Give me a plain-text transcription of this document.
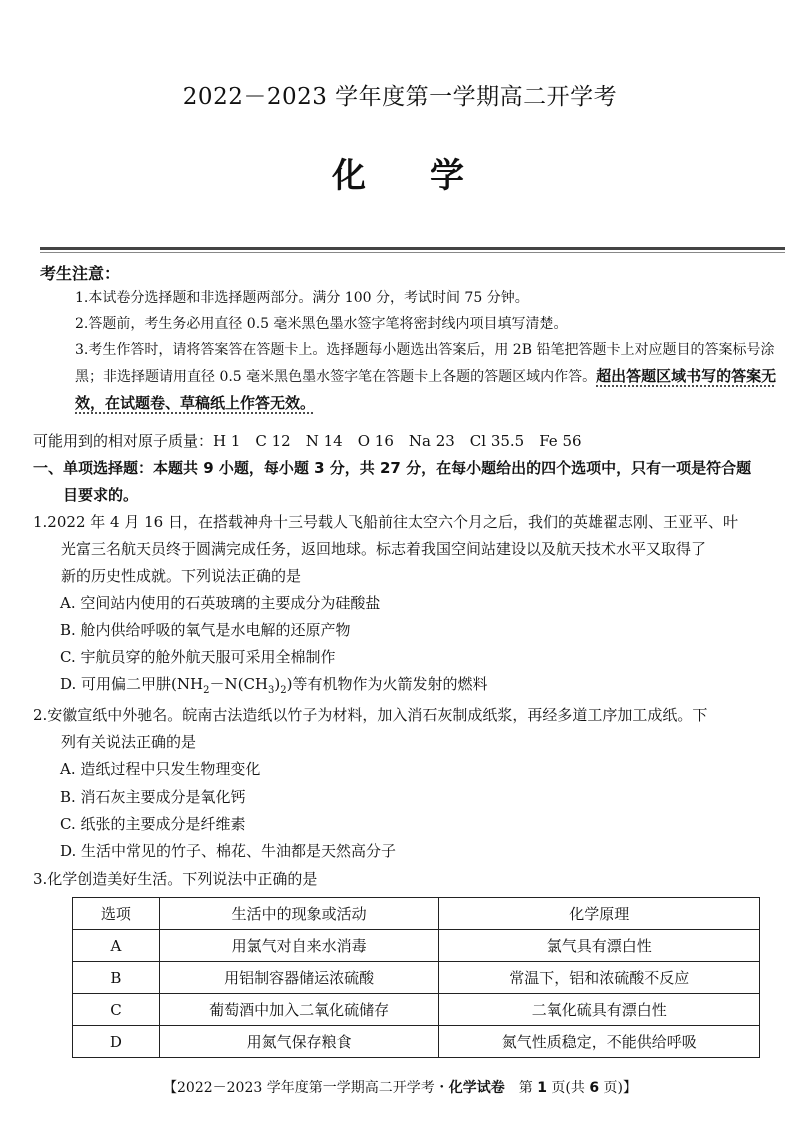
2022－2023 学年度第一学期高二开学考
化 学
考生注意：
1.本试卷分选择题和非选择题两部分。满分 100 分，考试时间 75 分钟。
2.答题前，考生务必用直径 0.5 毫米黑色墨水签字笔将密封线内项目填写清楚。
3.考生作答时，请将答案答在答题卡上。选择题每小题选出答案后，用 2B 铅笔把答题卡上对应题目的答案标号涂黑；非选择题请用直径 0.5 毫米黑色墨水签字笔在答题卡上各题的答题区域内作答。超出答题区域书写的答案无效，在试题卷、草稿纸上作答无效。
可能用到的相对原子质量：H 1　C 12　N 14　O 16　Na 23　Cl 35.5　Fe 56
一、单项选择题：本题共 9 小题，每小题 3 分，共 27 分，在每小题给出的四个选项中，只有一项是符合题
目要求的。
1.2022 年 4 月 16 日，在搭载神舟十三号载人飞船前往太空六个月之后，我们的英雄翟志刚、王亚平、叶
光富三名航天员终于圆满完成任务，返回地球。标志着我国空间站建设以及航天技术水平又取得了
新的历史性成就。下列说法正确的是
A. 空间站内使用的石英玻璃的主要成分为硅酸盐
B. 舱内供给呼吸的氧气是水电解的还原产物
C. 宇航员穿的舱外航天服可采用全棉制作
D. 可用偏二甲肼$(NH_2-N(CH_3)_2)$等有机物作为火箭发射的燃料
2.安徽宣纸中外驰名。皖南古法造纸以竹子为材料，加入消石灰制成纸浆，再经多道工序加工成纸。下
列有关说法正确的是
A. 造纸过程中只发生物理变化
B. 消石灰主要成分是氧化钙
C. 纸张的主要成分是纤维素
D. 生活中常见的竹子、棉花、牛油都是天然高分子
3.化学创造美好生活。下列说法中正确的是
选项	生活中的现象或活动	化学原理
A	用氯气对自来水消毒	氯气具有漂白性
B	用铝制容器储运浓硫酸	常温下，铝和浓硫酸不反应
C	葡萄酒中加入二氧化硫储存	二氧化硫具有漂白性
D	用氮气保存粮食	氮气性质稳定，不能供给呼吸
【2022－2023 学年度第一学期高二开学考・化学试卷　第 1 页(共 6 页)】
